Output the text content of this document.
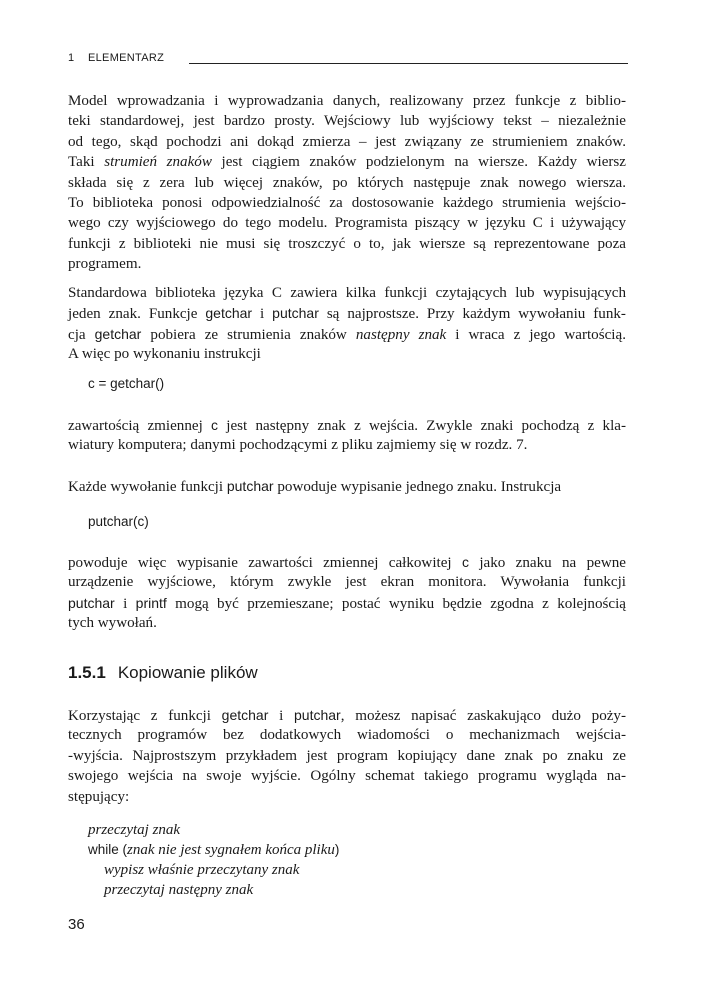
1 ELEMENTARZ
Model wprowadzania i wyprowadzania danych, realizowany przez funkcje z biblio-
teki standardowej, jest bardzo prosty. Wejściowy lub wyjściowy tekst – niezależnie
od tego, skąd pochodzi ani dokąd zmierza – jest związany ze strumieniem znaków.
Taki strumień znaków jest ciągiem znaków podzielonym na wiersze. Każdy wiersz
składa się z zera lub więcej znaków, po których następuje znak nowego wiersza.
To biblioteka ponosi odpowiedzialność za dostosowanie każdego strumienia wejścio-
wego czy wyjściowego do tego modelu. Programista piszący w języku C i używający
funkcji z biblioteki nie musi się troszczyć o to, jak wiersze są reprezentowane poza
programem.
Standardowa biblioteka języka C zawiera kilka funkcji czytających lub wypisujących
jeden znak. Funkcje getchar i putchar są najprostsze. Przy każdym wywołaniu funk-
cja getchar pobiera ze strumienia znaków następny znak i wraca z jego wartością.
A więc po wykonaniu instrukcji
c = getchar()
zawartością zmiennej c jest następny znak z wejścia. Zwykle znaki pochodzą z kla-
wiatury komputera; danymi pochodzącymi z pliku zajmiemy się w rozdz. 7.
Każde wywołanie funkcji putchar powoduje wypisanie jednego znaku. Instrukcja
putchar(c)
powoduje więc wypisanie zawartości zmiennej całkowitej c jako znaku na pewne
urządzenie wyjściowe, którym zwykle jest ekran monitora. Wywołania funkcji
putchar i printf mogą być przemieszane; postać wyniku będzie zgodna z kolejnością
tych wywołań.
1.5.1 Kopiowanie plików
Korzystając z funkcji getchar i putchar, możesz napisać zaskakująco dużo poży-
tecznych programów bez dodatkowych wiadomości o mechanizmach wejścia-
-wyjścia. Najprostszym przykładem jest program kopiujący dane znak po znaku ze
swojego wejścia na swoje wyjście. Ogólny schemat takiego programu wygląda na-
stępujący:
przeczytaj znak
while (znak nie jest sygnałem końca pliku)
wypisz właśnie przeczytany znak
przeczytaj następny znak
36
